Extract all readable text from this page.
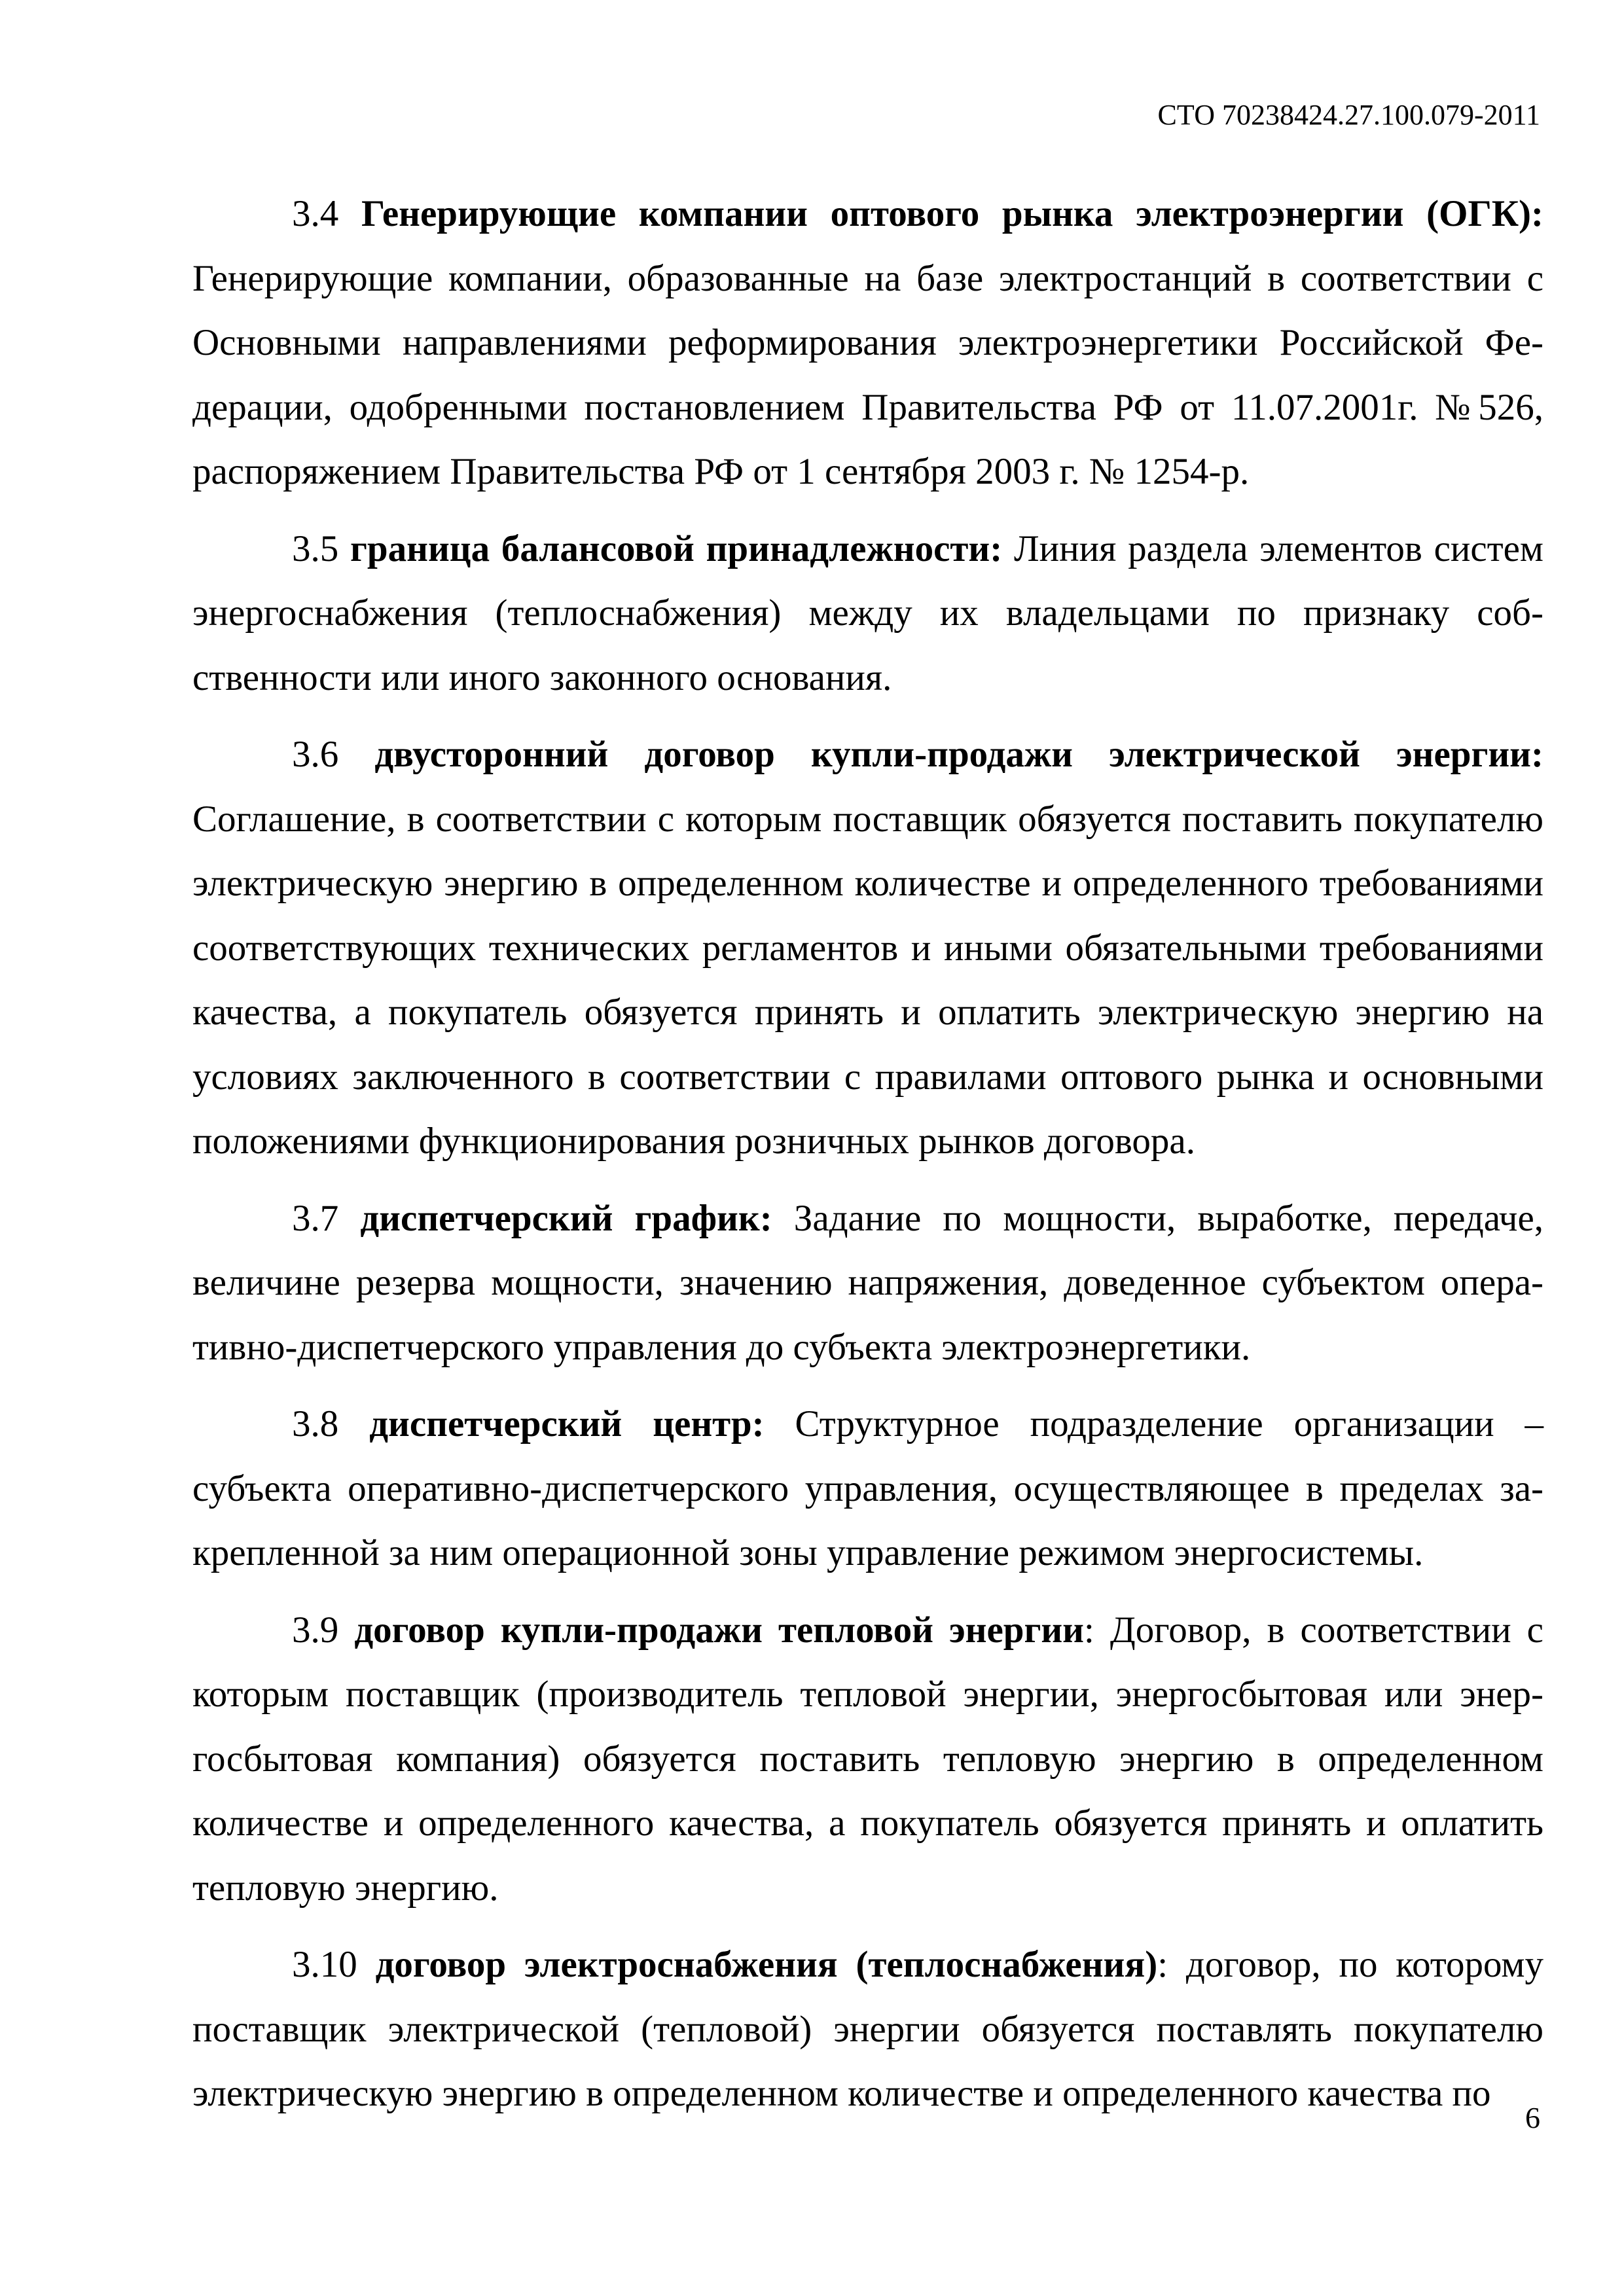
СТО 70238424.27.100.079-2011

3.4 Генерирующие компании оптового рынка электроэнергии (ОГК): Генерирующие компании, образованные на базе электростанций в соответствии с Основными направлениями реформирования электроэнергетики Российской Федерации, одобренными постановлением Правительства РФ от 11.07.2001г. №526, распоряжением Правительства РФ от 1 сентября 2003 г. № 1254-р.

3.5 граница балансовой принадлежности: Линия раздела элементов систем энергоснабжения (теплоснабжения) между их владельцами по признаку собственности или иного законного основания.

3.6 двусторонний договор купли-продажи электрической энергии: Соглашение, в соответствии с которым поставщик обязуется поставить покупателю электрическую энергию в определенном количестве и определенного требованиями соответствующих технических регламентов и иными обязательными требованиями качества, а покупатель обязуется принять и оплатить электрическую энергию на условиях заключенного в соответствии с правилами оптового рынка и основными положениями функционирования розничных рынков договора.

3.7 диспетчерский график: Задание по мощности, выработке, передаче, величине резерва мощности, значению напряжения, доведенное субъектом оперативно-диспетчерского управления до субъекта электроэнергетики.

3.8 диспетчерский центр: Структурное подразделение организации – субъекта оперативно-диспетчерского управления, осуществляющее в пределах закрепленной за ним операционной зоны управление режимом энергосистемы.

3.9 договор купли-продажи тепловой энергии: Договор, в соответствии с которым поставщик (производитель тепловой энергии, энергосбытовая или энергосбытовая компания) обязуется поставить тепловую энергию в определенном количестве и определенного качества, а покупатель обязуется принять и оплатить тепловую энергию.

3.10 договор электроснабжения (теплоснабжения): договор, по которому поставщик электрической (тепловой) энергии обязуется поставлять покупателю электрическую энергию в определенном количестве и определенного качества по

6
